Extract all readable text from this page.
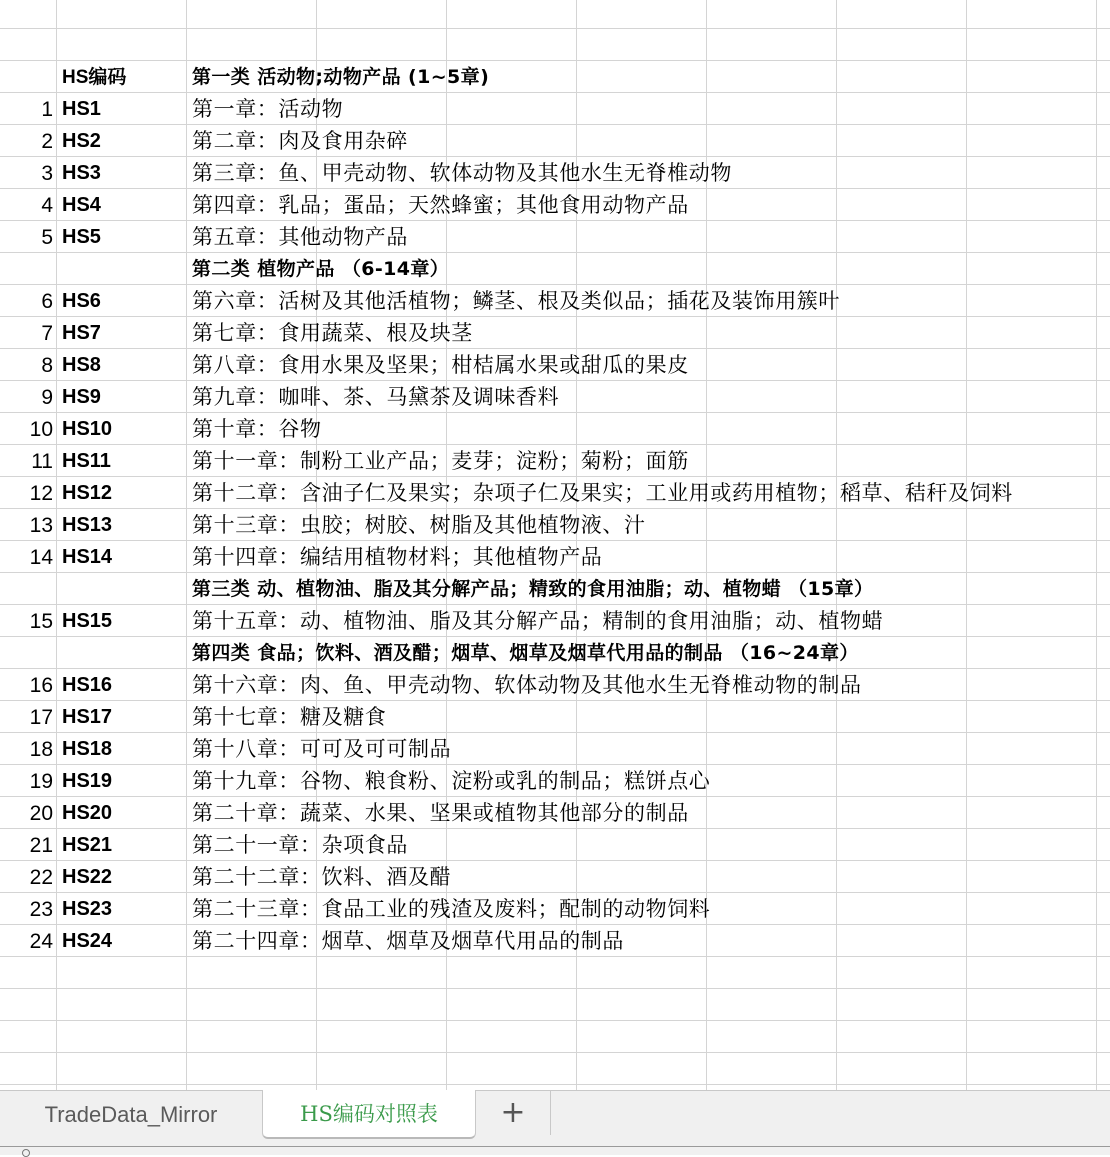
HS编码	第一类 活动物;动物产品 (1~5章)
1 HS1	第一章：活动物
2 HS2	第二章：肉及食用杂碎
3 HS3	第三章：鱼、甲壳动物、软体动物及其他水生无脊椎动物
4 HS4	第四章：乳品；蛋品；天然蜂蜜；其他食用动物产品
5 HS5	第五章：其他动物产品
第二类 植物产品 （6-14章）
6 HS6	第六章：活树及其他活植物；鳞茎、根及类似品；插花及装饰用簇叶
7 HS7	第七章：食用蔬菜、根及块茎
8 HS8	第八章：食用水果及坚果；柑桔属水果或甜瓜的果皮
9 HS9	第九章：咖啡、茶、马黛茶及调味香料
10 HS10	第十章：谷物
11 HS11	第十一章：制粉工业产品；麦芽；淀粉；菊粉；面筋
12 HS12	第十二章：含油子仁及果实；杂项子仁及果实；工业用或药用植物；稻草、秸秆及饲料
13 HS13	第十三章：虫胶；树胶、树脂及其他植物液、汁
14 HS14	第十四章：编结用植物材料；其他植物产品
第三类 动、植物油、脂及其分解产品；精致的食用油脂；动、植物蜡 （15章）
15 HS15	第十五章：动、植物油、脂及其分解产品；精制的食用油脂；动、植物蜡
第四类 食品；饮料、酒及醋；烟草、烟草及烟草代用品的制品 （16~24章）
16 HS16	第十六章：肉、鱼、甲壳动物、软体动物及其他水生无脊椎动物的制品
17 HS17	第十七章：糖及糖食
18 HS18	第十八章：可可及可可制品
19 HS19	第十九章：谷物、粮食粉、淀粉或乳的制品；糕饼点心
20 HS20	第二十章：蔬菜、水果、坚果或植物其他部分的制品
21 HS21	第二十一章：杂项食品
22 HS22	第二十二章：饮料、酒及醋
23 HS23	第二十三章：食品工业的残渣及废料；配制的动物饲料
24 HS24	第二十四章：烟草、烟草及烟草代用品的制品
TradeData_Mirror	HS编码对照表	+
